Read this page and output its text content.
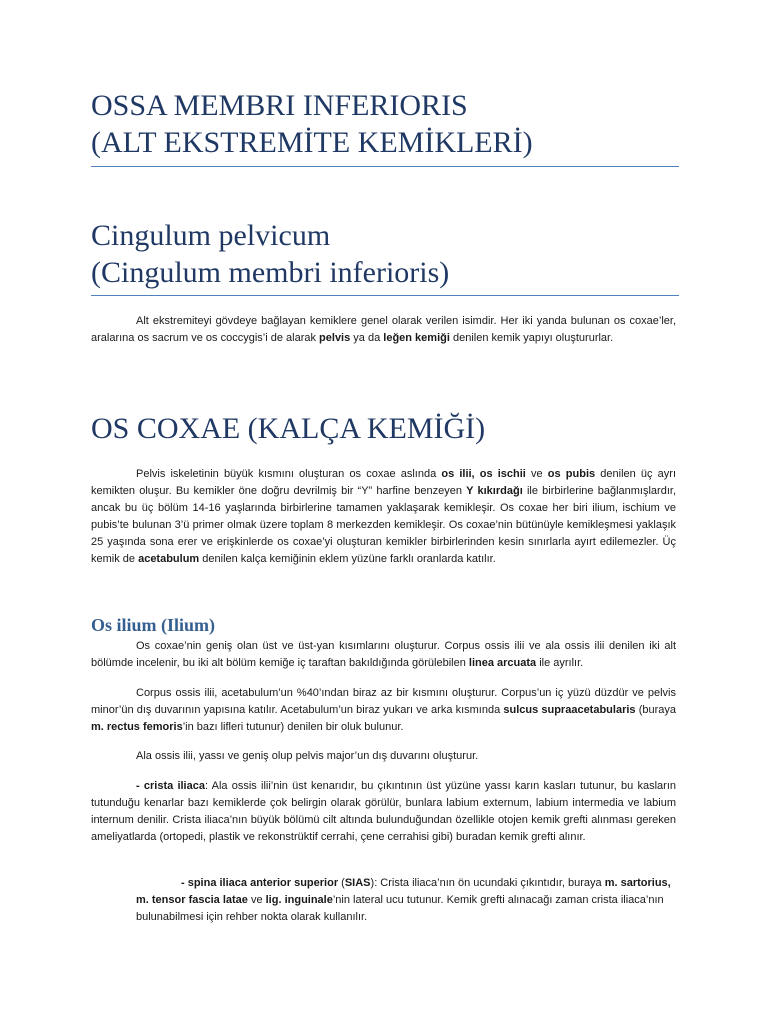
OSSA MEMBRI INFERIORIS
(ALT EKSTREMİTE KEMİKLERİ)
Cingulum pelvicum
(Cingulum membri inferioris)

Alt ekstremiteyi gövdeye bağlayan kemiklere genel olarak verilen isimdir. Her iki yanda bulunan os coxae’ler, aralarına os sacrum ve os coccygis’i de alarak pelvis ya da leğen kemiği denilen kemik yapıyı oluştururlar.

OS COXAE (KALÇA KEMİĞİ)

Pelvis iskeletinin büyük kısmını oluşturan os coxae aslında os ilii, os ischii ve os pubis denilen üç ayrı kemikten oluşur. Bu kemikler öne doğru devrilmiş bir “Y” harfine benzeyen Y kıkırdağı ile birbirlerine bağlanmışlardır, ancak bu üç bölüm 14-16 yaşlarında birbirlerine tamamen yaklaşarak kemikleşir. Os coxae her biri ilium, ischium ve pubis’te bulunan 3’ü primer olmak üzere toplam 8 merkezden kemikleşir. Os coxae’nin bütünüyle kemikleşmesi yaklaşık 25 yaşında sona erer ve erişkinlerde os coxae’yi oluşturan kemikler birbirlerinden kesin sınırlarla ayırt edilemezler. Üç kemik de acetabulum denilen kalça kemiğinin eklem yüzüne farklı oranlarda katılır.

Os ilium (Ilium)

Os coxae’nin geniş olan üst ve üst-yan kısımlarını oluşturur. Corpus ossis ilii ve ala ossis ilii denilen iki alt bölümde incelenir, bu iki alt bölüm kemiğe iç taraftan bakıldığında görülebilen linea arcuata ile ayrılır.

Corpus ossis ilii, acetabulum’un %40’ından biraz az bir kısmını oluşturur. Corpus’un iç yüzü düzdür ve pelvis minor’ün dış duvarının yapısına katılır. Acetabulum’un biraz yukarı ve arka kısmında sulcus supraacetabularis (buraya m. rectus femoris’in bazı lifleri tutunur) denilen bir oluk bulunur.

Ala ossis ilii, yassı ve geniş olup pelvis major’un dış duvarını oluşturur.

- crista iliaca: Ala ossis ilii’nin üst kenarıdır, bu çıkıntının üst yüzüne yassı karın kasları tutunur, bu kasların tutunduğu kenarlar bazı kemiklerde çok belirgin olarak görülür, bunlara labium externum, labium intermedia ve labium internum denilir. Crista iliaca’nın büyük bölümü cilt altında bulunduğundan özellikle otojen kemik grefti alınması gereken ameliyatlarda (ortopedi, plastik ve rekonstrüktif cerrahi, çene cerrahisi gibi) buradan kemik grefti alınır.

- spina iliaca anterior superior (SIAS): Crista iliaca’nın ön ucundaki çıkıntıdır, buraya m. sartorius, m. tensor fascia latae ve lig. inguinale’nin lateral ucu tutunur. Kemik grefti alınacağı zaman crista iliaca’nın bulunabilmesi için rehber nokta olarak kullanılır.
